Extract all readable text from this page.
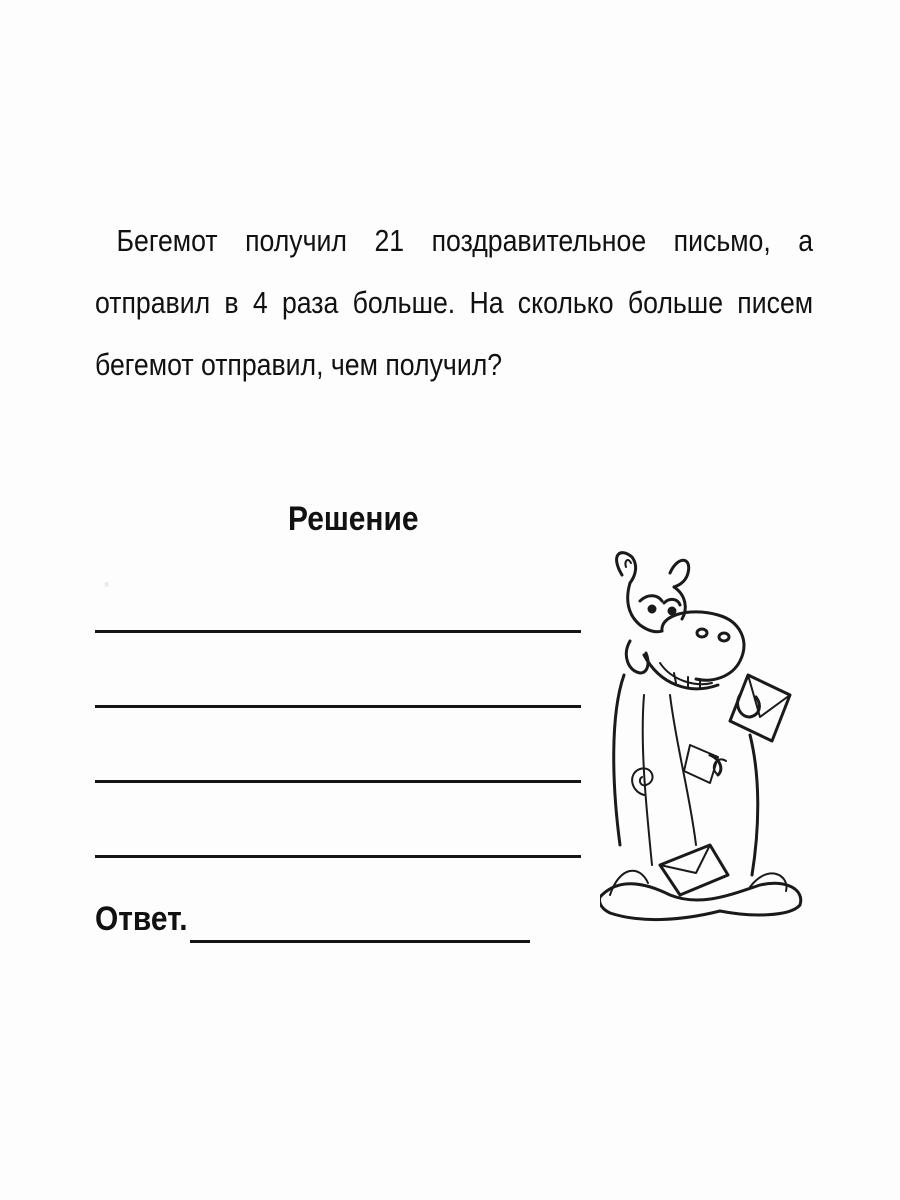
·

Бегемот получил 21 поздравительное письмо, а отправил в 4 раза больше. На сколько больше писем бегемот отправил, чем получил?

Решение
Ответ.
